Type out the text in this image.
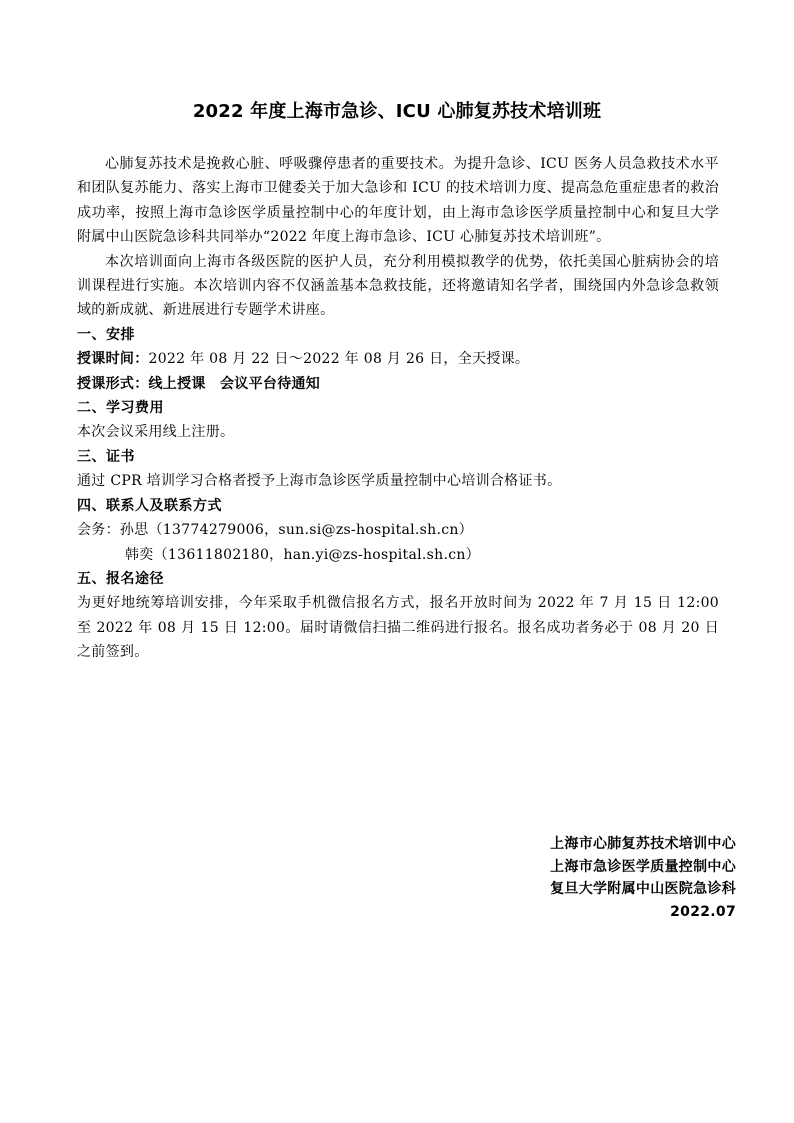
2022 年度上海市急诊、ICU 心肺复苏技术培训班

心肺复苏技术是挽救心脏、呼吸骤停患者的重要技术。为提升急诊、ICU 医务人员急救技术水平和团队复苏能力、落实上海市卫健委关于加大急诊和 ICU 的技术培训力度、提高急危重症患者的救治成功率，按照上海市急诊医学质量控制中心的年度计划，由上海市急诊医学质量控制中心和复旦大学附属中山医院急诊科共同举办“2022 年度上海市急诊、ICU 心肺复苏技术培训班”。

本次培训面向上海市各级医院的医护人员，充分利用模拟教学的优势，依托美国心脏病协会的培训课程进行实施。本次培训内容不仅涵盖基本急救技能，还将邀请知名学者，围绕国内外急诊急救领域的新成就、新进展进行专题学术讲座。

一、安排

授课时间：2022 年 08 月 22 日～2022 年 08 月 26 日，全天授课。

授课形式：线上授课　会议平台待通知

二、学习费用

本次会议采用线上注册。

三、证书

通过 CPR 培训学习合格者授予上海市急诊医学质量控制中心培训合格证书。

四、联系人及联系方式

会务：孙思（13774279006，sun.si@zs-hospital.sh.cn）

韩奕（13611802180，han.yi@zs-hospital.sh.cn）

五、报名途径

为更好地统筹培训安排，今年采取手机微信报名方式，报名开放时间为 2022 年 7 月 15 日 12:00 至 2022 年 08 月 15 日 12:00。届时请微信扫描二维码进行报名。报名成功者务必于 08 月 20 日之前签到。

上海市心肺复苏技术培训中心

上海市急诊医学质量控制中心

复旦大学附属中山医院急诊科

2022.07
